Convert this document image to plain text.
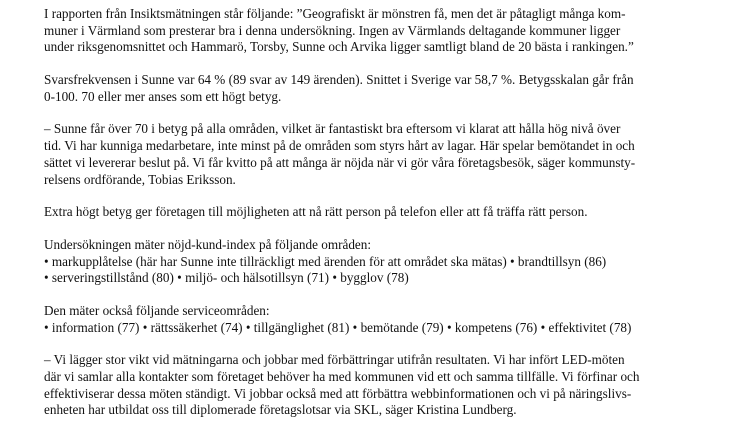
I rapporten från Insiktsmätningen står följande: ”Geografiskt är mönstren få, men det är påtagligt många kom-

muner i Värmland som presterar bra i denna undersökning. Ingen av Värmlands deltagande kommuner ligger

under riksgenomsnittet och Hammarö, Torsby, Sunne och Arvika ligger samtligt bland de 20 bästa i rankingen.”

Svarsfrekvensen i Sunne var 64 % (89 svar av 149 ärenden). Snittet i Sverige var 58,7 %. Betygsskalan går från

0-100. 70 eller mer anses som ett högt betyg.

– Sunne får över 70 i betyg på alla områden, vilket är fantastiskt bra eftersom vi klarat att hålla hög nivå över

tid. Vi har kunniga medarbetare, inte minst på de områden som styrs hårt av lagar. Här spelar bemötandet in och

sättet vi levererar beslut på. Vi får kvitto på att många är nöjda när vi gör våra företagsbesök, säger kommunsty-

relsens ordförande, Tobias Eriksson.

Extra högt betyg ger företagen till möjligheten att nå rätt person på telefon eller att få träffa rätt person.

Undersökningen mäter nöjd-kund-index på följande områden:

• markupplåtelse (här har Sunne inte tillräckligt med ärenden för att området ska mätas) • brandtillsyn (86)

• serveringstillstånd (80) • miljö- och hälsotillsyn (71) • bygglov (78)

Den mäter också följande serviceområden:

• information (77) • rättssäkerhet (74) • tillgänglighet (81) • bemötande (79) • kompetens (76) • effektivitet (78)

– Vi lägger stor vikt vid mätningarna och jobbar med förbättringar utifrån resultaten. Vi har infört LED-möten

där vi samlar alla kontakter som företaget behöver ha med kommunen vid ett och samma tillfälle. Vi förfinar och

effektiviserar dessa möten ständigt. Vi jobbar också med att förbättra webbinformationen och vi på näringslivs-

enheten har utbildat oss till diplomerade företagslotsar via SKL, säger Kristina Lundberg.
